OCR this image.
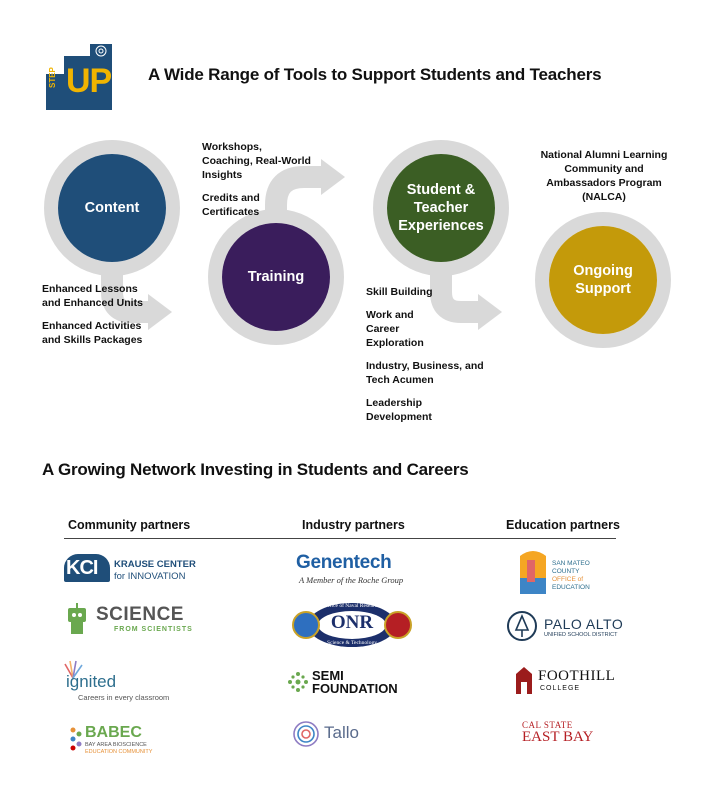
STEP UP A Wide Range of Tools to Support Students and Teachers
Content
Training
Student & Teacher Experiences
Ongoing Support

Enhanced Lessons and Enhanced Units

Enhanced Activities and Skills Packages

Workshops, Coaching, Real-World Insights

Credits and Certificates

Skill Building

Work and Career Exploration

Industry, Business, and Tech Acumen

Leadership Development

National Alumni Learning Community and Ambassadors Program (NALCA)

A Growing Network Investing in Students and Careers
Community partners	Industry partners	Education partners
KCI KRAUSE CENTER
for INNOVATION
SCIENCE
FROM SCIENTISTS
ignited
Careers in every classroom
BABEC
BAY AREA BIOSCIENCE
EDUCATION COMMUNITY
Genentech
A Member of the Roche Group
Office of Naval Research
ONR
Science & Technology
SEMI
FOUNDATION
Tallo
SAN MATEO
COUNTY
OFFICE of
EDUCATION
PALO ALTO
UNIFIED SCHOOL DISTRICT
FOOTHILL
COLLEGE
CAL STATE
EAST BAY
